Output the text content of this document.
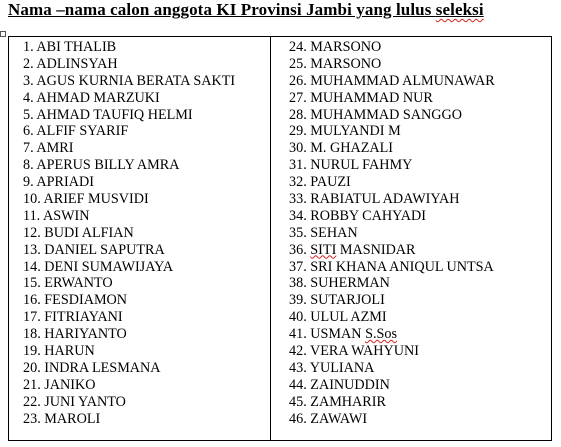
Nama –nama calon anggota KI Provinsi Jambi yang lulus seleksi
1. ABI THALIB
2. ADLINSYAH
3. AGUS KURNIA BERATA SAKTI
4. AHMAD MARZUKI
5. AHMAD TAUFIQ HELMI
6. ALFIF SYARIF
7. AMRI
8. APERUS BILLY AMRA
9. APRIADI
10. ARIEF MUSVIDI
11. ASWIN
12. BUDI ALFIAN
13. DANIEL SAPUTRA
14. DENI SUMAWIJAYA
15. ERWANTO
16. FESDIAMON
17. FITRIAYANI
18. HARIYANTO
19. HARUN
20. INDRA LESMANA
21. JANIKO
22. JUNI YANTO
23. MAROLI
24. MARSONO
25. MARSONO
26. MUHAMMAD ALMUNAWAR
27. MUHAMMAD NUR
28. MUHAMMAD SANGGO
29. MULYANDI M
30. M. GHAZALI
31. NURUL FAHMY
32. PAUZI
33. RABIATUL ADAWIYAH
34. ROBBY CAHYADI
35. SEHAN
36. SITI MASNIDAR
37. SRI KHANA ANIQUL UNTSA
38. SUHERMAN
39. SUTARJOLI
40. ULUL AZMI
41. USMAN S.Sos
42. VERA WAHYUNI
43. YULIANA
44. ZAINUDDIN
45. ZAMHARIR
46. ZAWAWI
